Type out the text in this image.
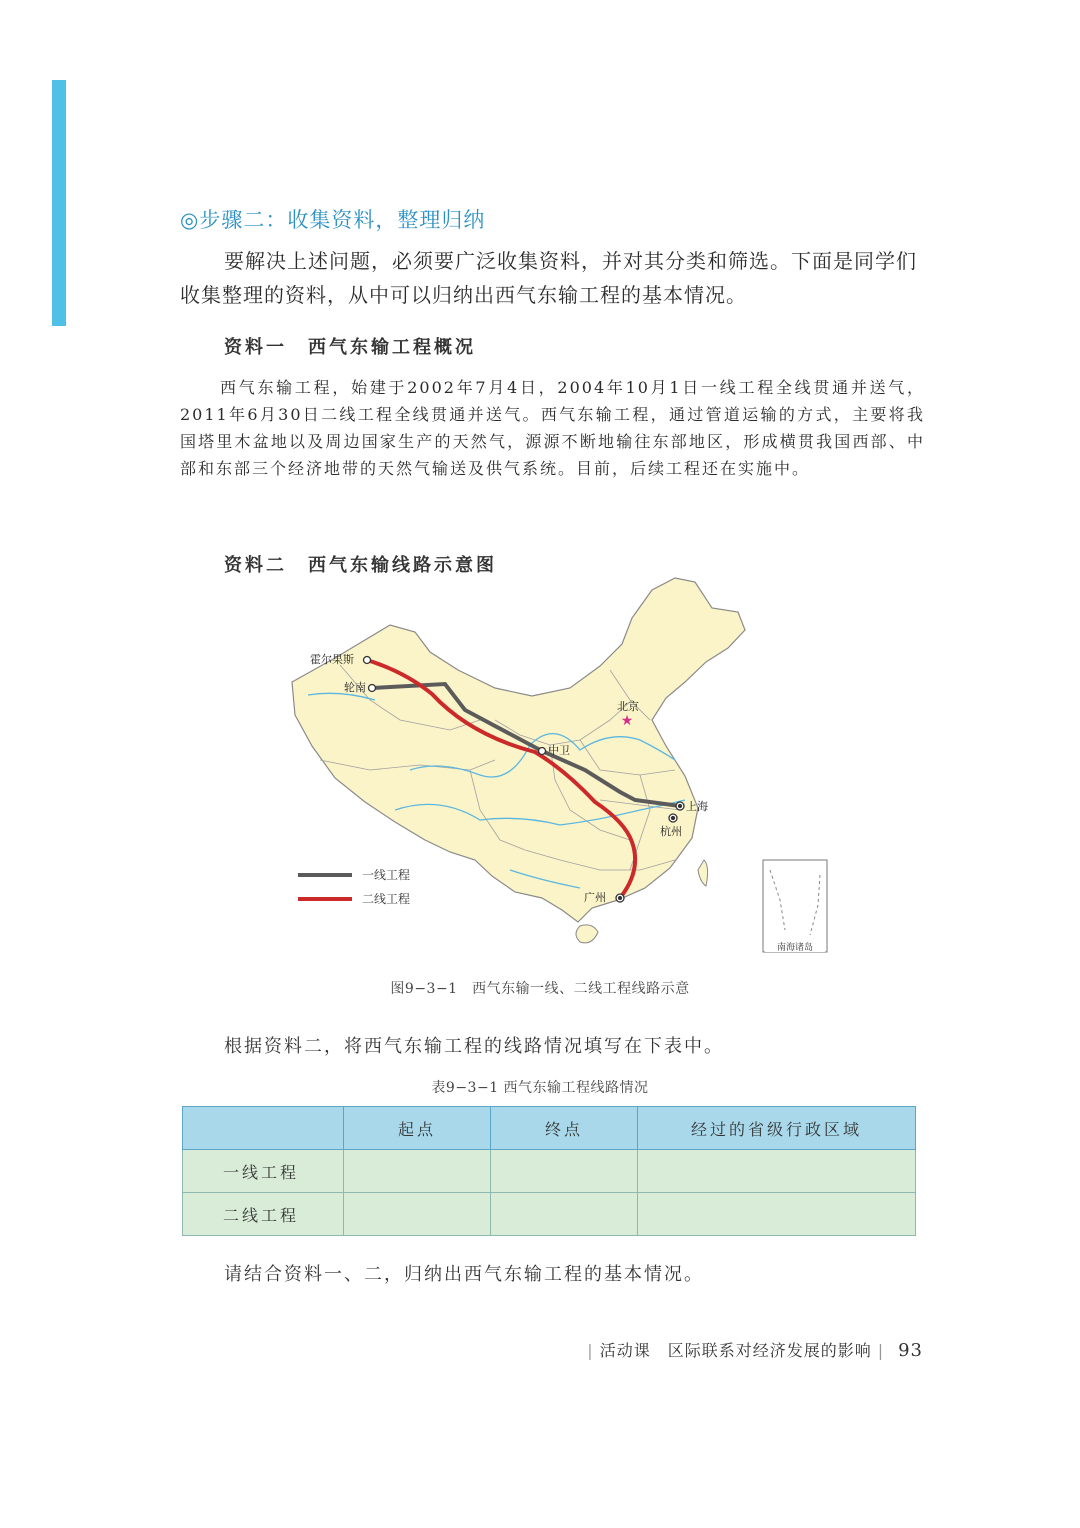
◎步骤二：收集资料，整理归纳

要解决上述问题，必须要广泛收集资料，并对其分类和筛选。下面是同学们收集整理的资料，从中可以归纳出西气东输工程的基本情况。

资料一　西气东输工程概况

西气东输工程，始建于2002年7月4日，2004年10月1日一线工程全线贯通并送气，2011年6月30日二线工程全线贯通并送气。西气东输工程，通过管道运输的方式，主要将我国塔里木盆地以及周边国家生产的天然气，源源不断地输往东部地区，形成横贯我国西部、中部和东部三个经济地带的天然气输送及供气系统。目前，后续工程还在实施中。

资料二　西气东输线路示意图
★
霍尔果斯
轮南
北京
中卫
上海
杭州
广州
一线工程
二线工程
南海诸岛
图9−3−1　西气东输一线、二线工程线路示意
根据资料二，将西气东输工程的线路情况填写在下表中。
表9−3−1 西气东输工程线路情况
	起点	终点	经过的省级行政区域
一线工程			
二线工程			
请结合资料一、二，归纳出西气东输工程的基本情况。
| 活动课　区际联系对经济发展的影响 | 93
